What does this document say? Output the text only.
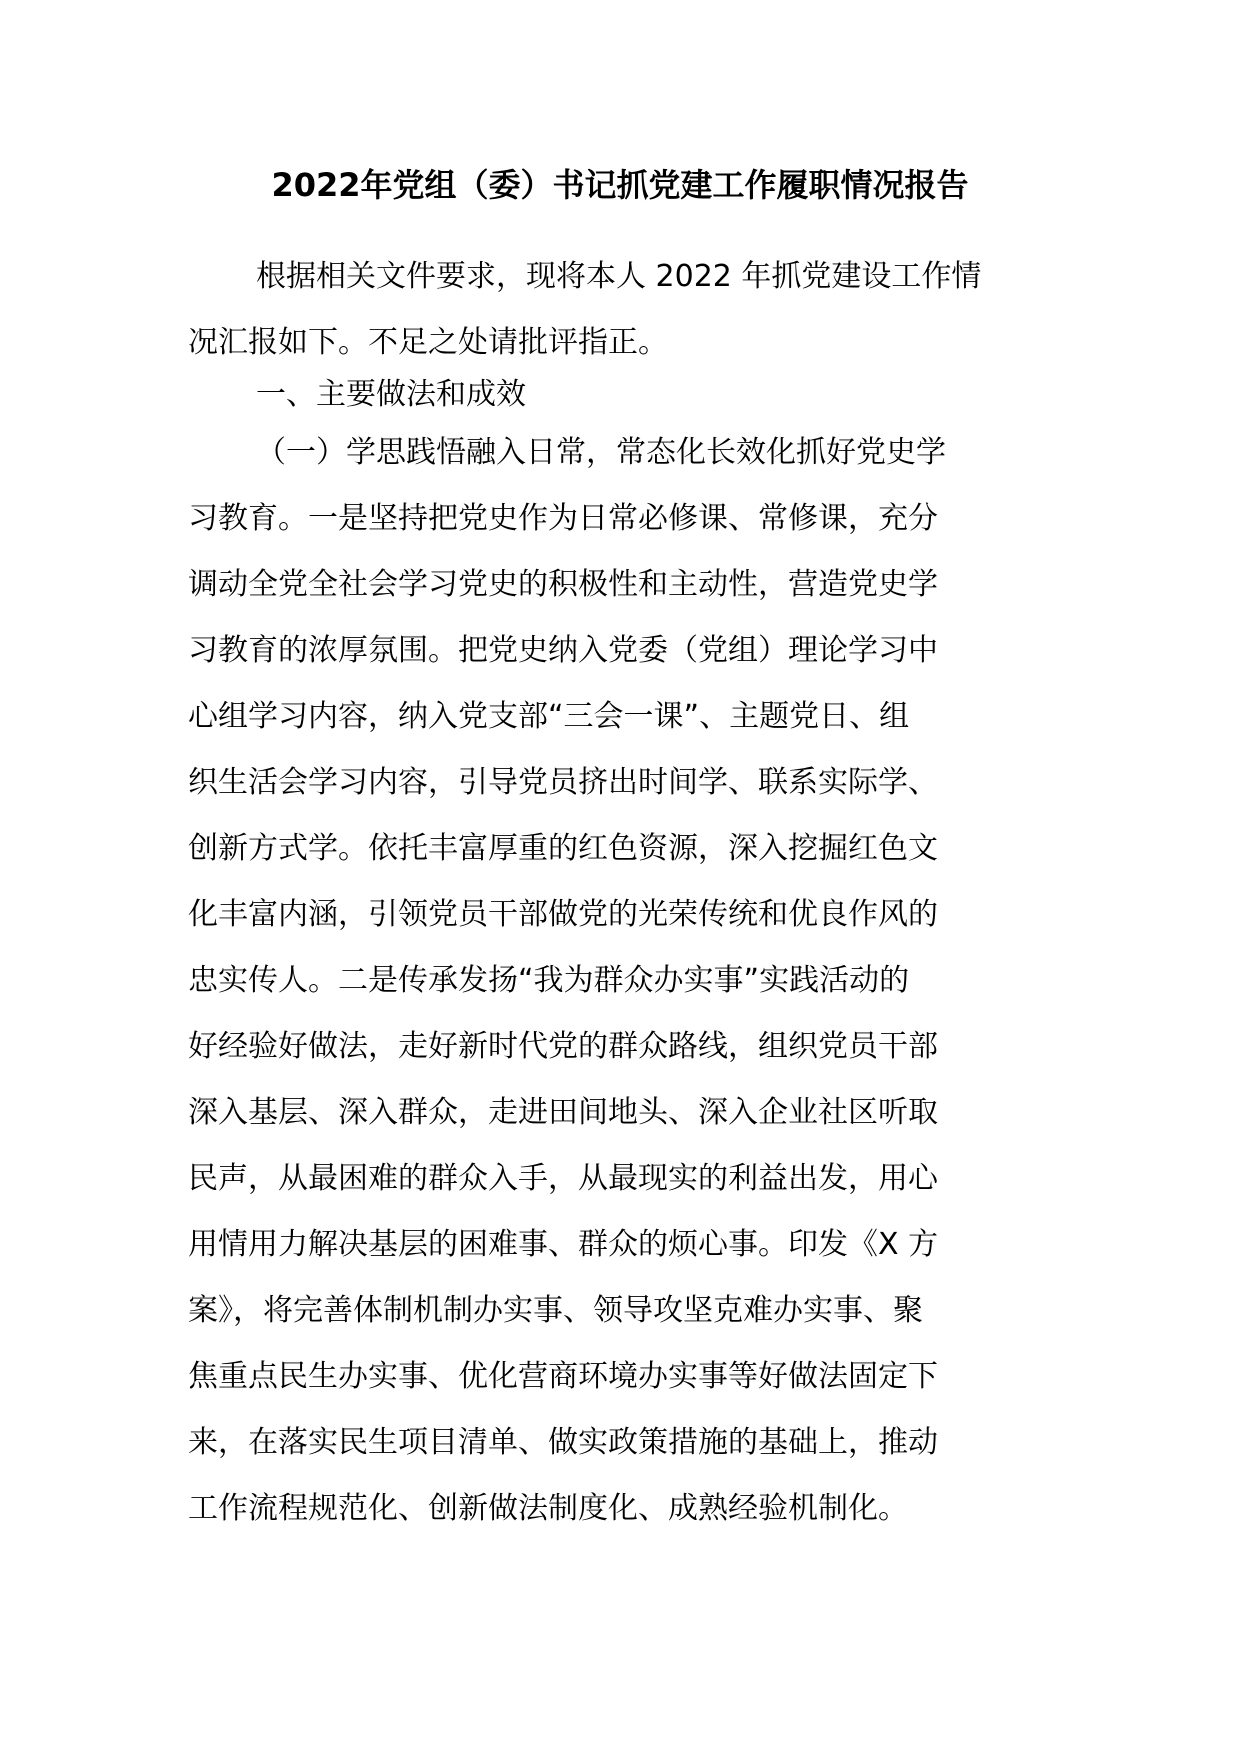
2022年党组（委）书记抓党建工作履职情况报告
根据相关文件要求，现将本人 2022 年抓党建设工作情
况汇报如下。不足之处请批评指正。
一、主要做法和成效
（一）学思践悟融入日常，常态化长效化抓好党史学
习教育。一是坚持把党史作为日常必修课、常修课，充分
调动全党全社会学习党史的积极性和主动性，营造党史学
习教育的浓厚氛围。把党史纳入党委（党组）理论学习中
心组学习内容，纳入党支部“三会一课”、主题党日、组
织生活会学习内容，引导党员挤出时间学、联系实际学、
创新方式学。依托丰富厚重的红色资源，深入挖掘红色文
化丰富内涵，引领党员干部做党的光荣传统和优良作风的
忠实传人。二是传承发扬“我为群众办实事”实践活动的
好经验好做法，走好新时代党的群众路线，组织党员干部
深入基层、深入群众，走进田间地头、深入企业社区听取
民声，从最困难的群众入手，从最现实的利益出发，用心
用情用力解决基层的困难事、群众的烦心事。印发《X 方
案》，将完善体制机制办实事、领导攻坚克难办实事、聚
焦重点民生办实事、优化营商环境办实事等好做法固定下
来，在落实民生项目清单、做实政策措施的基础上，推动
工作流程规范化、创新做法制度化、成熟经验机制化。
